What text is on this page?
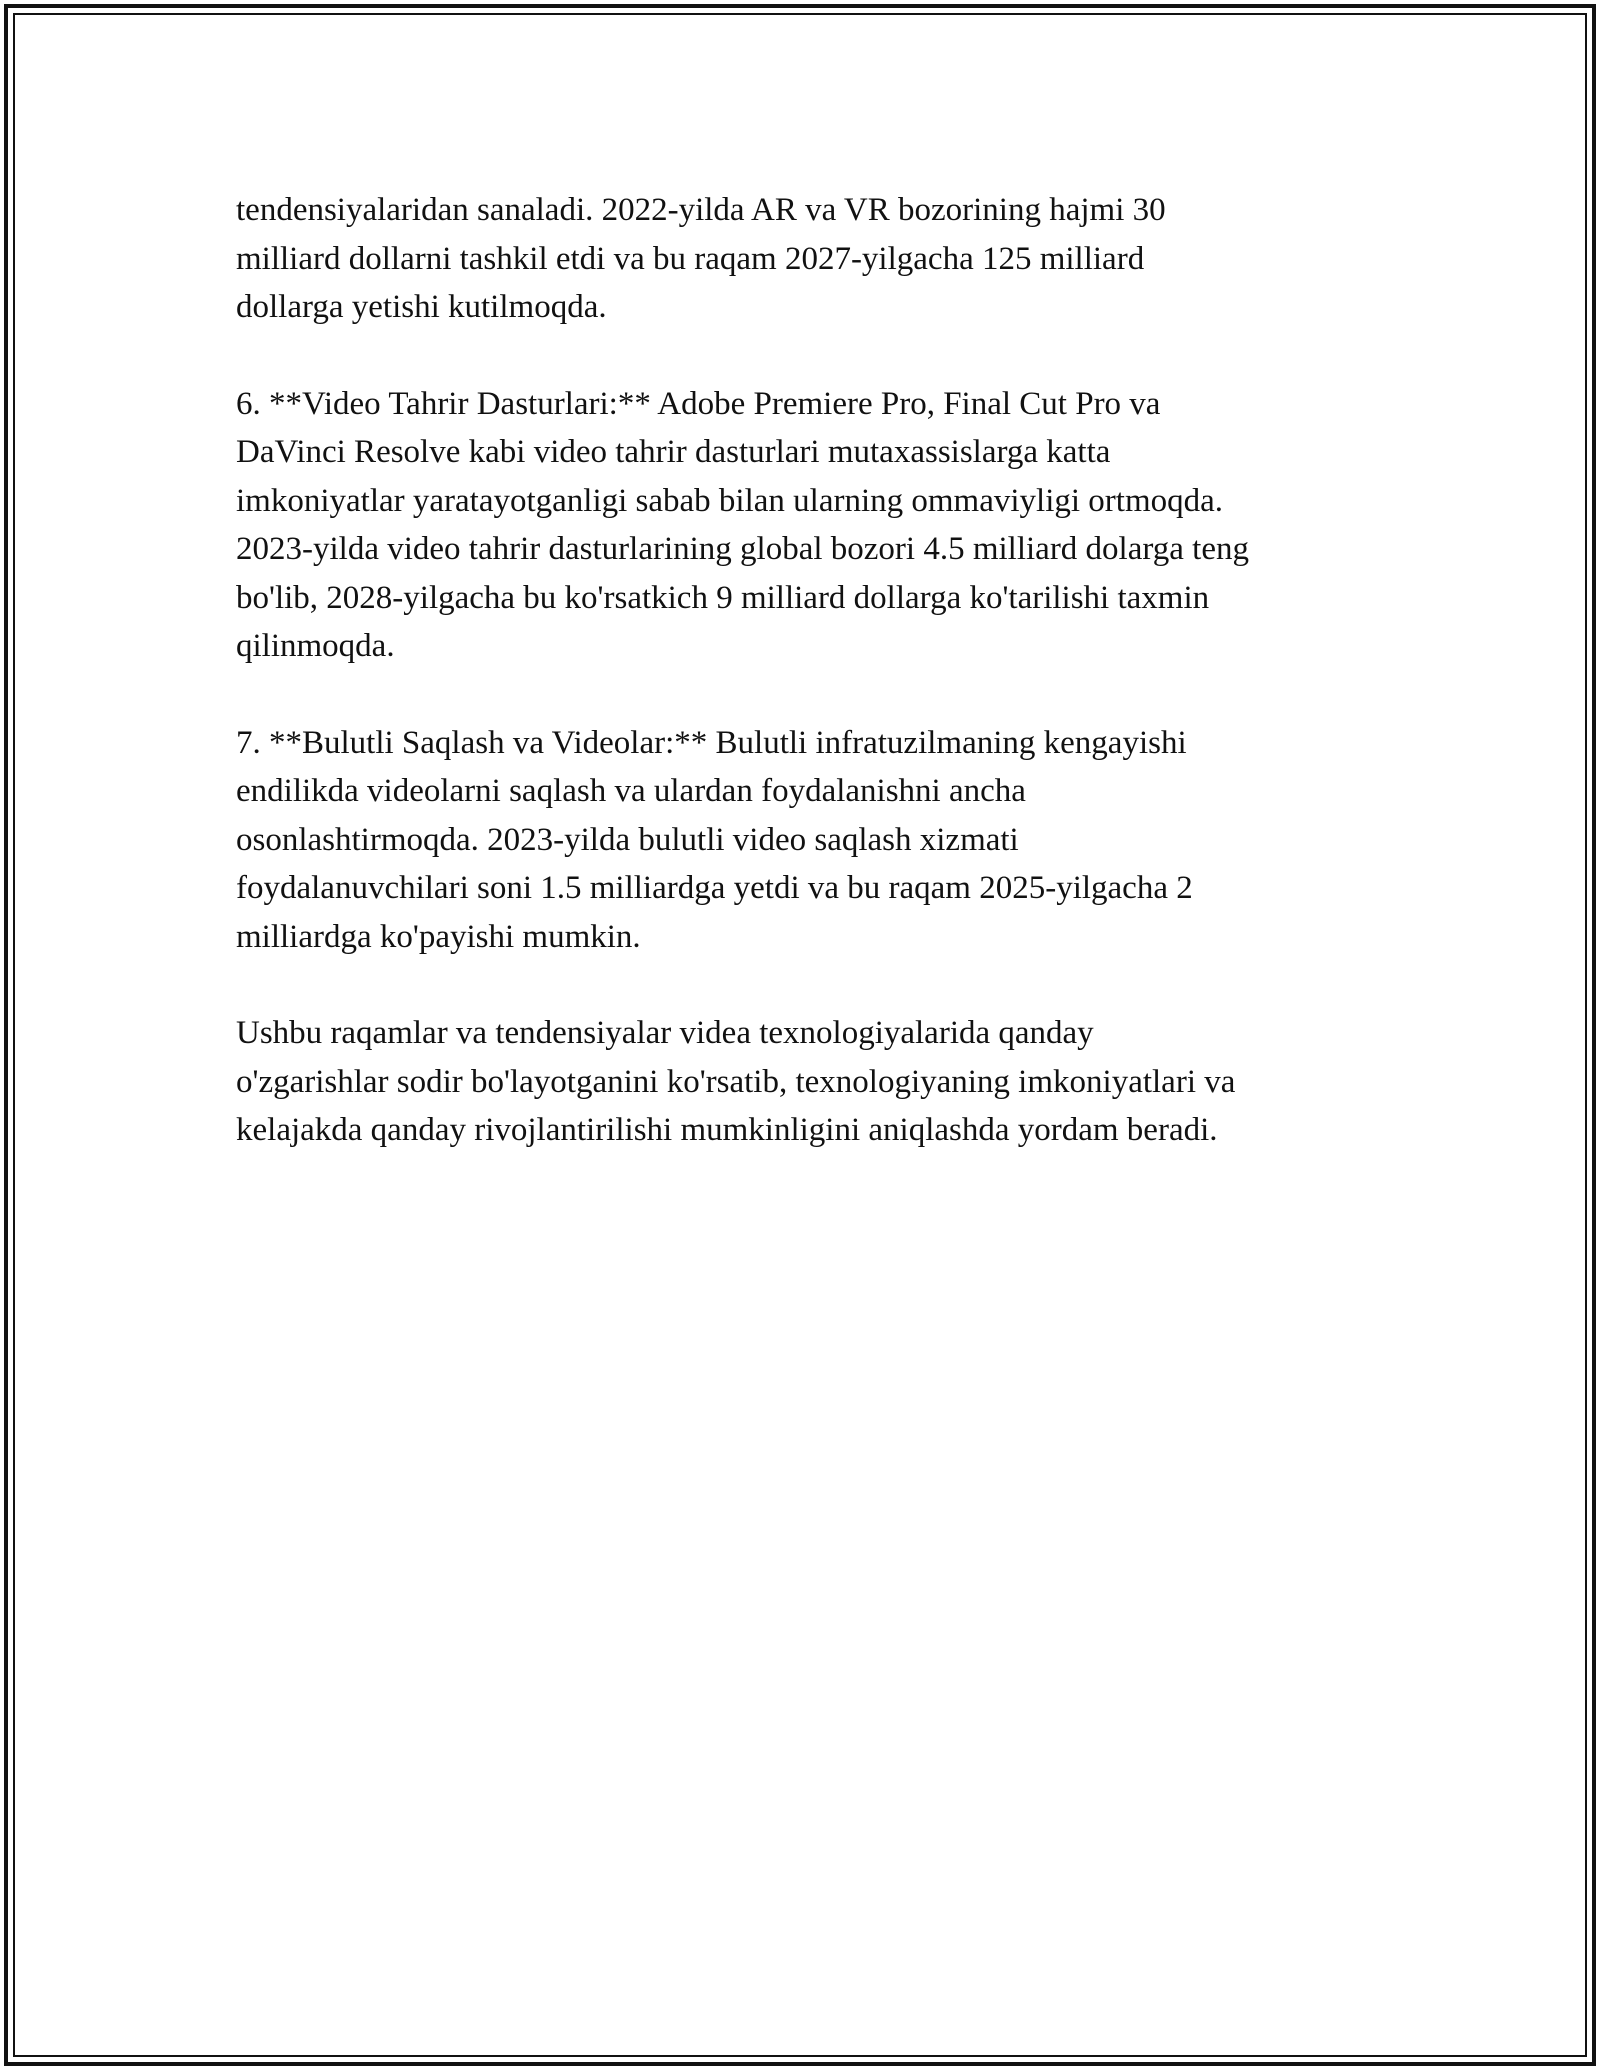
tendensiyalaridan sanaladi. 2022-yilda AR va VR bozorining hajmi 30
milliard dollarni tashkil etdi va bu raqam 2027-yilgacha 125 milliard
dollarga yetishi kutilmoqda.

6. **Video Tahrir Dasturlari:** Adobe Premiere Pro, Final Cut Pro va
DaVinci Resolve kabi video tahrir dasturlari mutaxassislarga katta
imkoniyatlar yaratayotganligi sabab bilan ularning ommaviyligi ortmoqda.
2023-yilda video tahrir dasturlarining global bozori 4.5 milliard dolarga teng
bo'lib, 2028-yilgacha bu ko'rsatkich 9 milliard dollarga ko'tarilishi taxmin
qilinmoqda.

7. **Bulutli Saqlash va Videolar:** Bulutli infratuzilmaning kengayishi
endilikda videolarni saqlash va ulardan foydalanishni ancha
osonlashtirmoqda. 2023-yilda bulutli video saqlash xizmati
foydalanuvchilari soni 1.5 milliardga yetdi va bu raqam 2025-yilgacha 2
milliardga ko'payishi mumkin.

Ushbu raqamlar va tendensiyalar videa texnologiyalarida qanday
o'zgarishlar sodir bo'layotganini ko'rsatib, texnologiyaning imkoniyatlari va
kelajakda qanday rivojlantirilishi mumkinligini aniqlashda yordam beradi.
